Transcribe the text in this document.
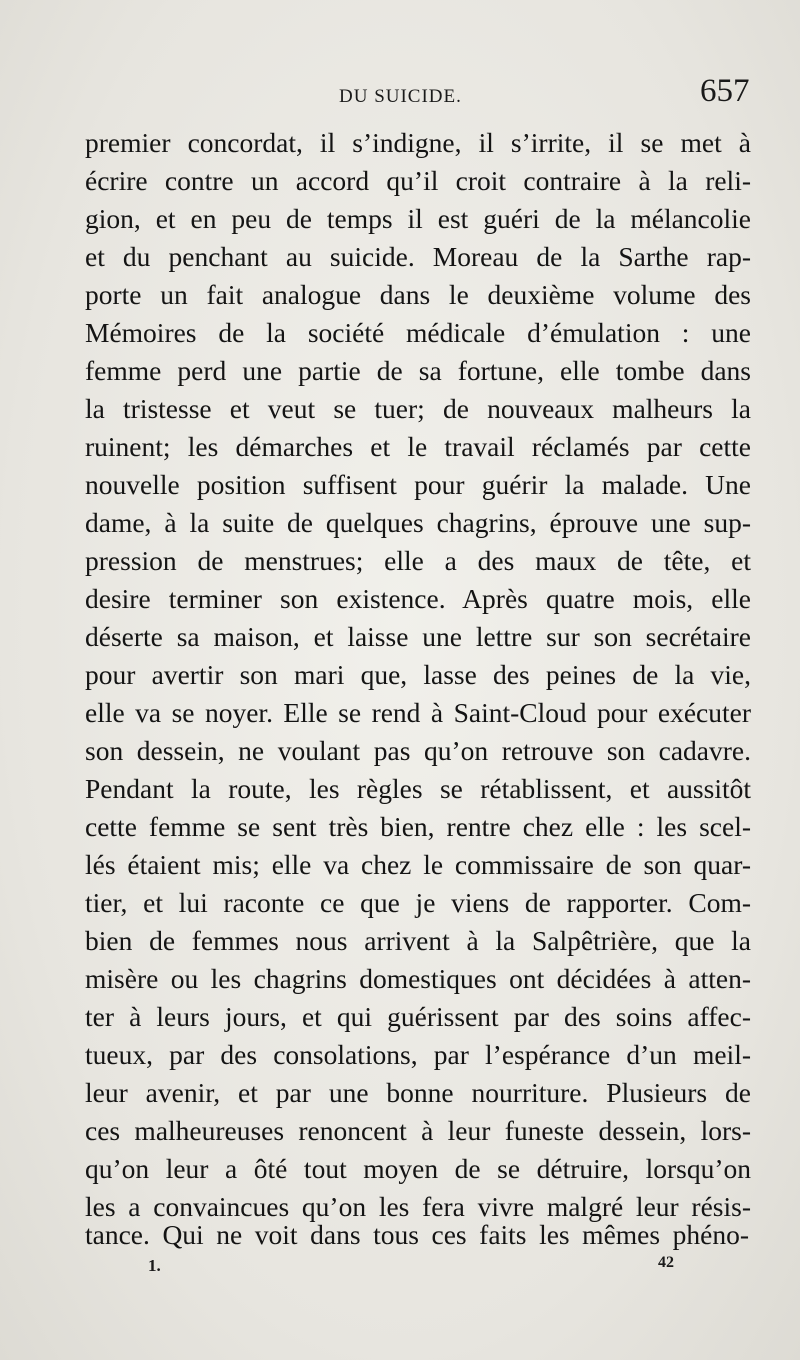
DU SUICIDE.	657
premier concordat, il s’indigne, il s’irrite, il se met à
écrire contre un accord qu’il croit contraire à la reli-
gion, et en peu de temps il est guéri de la mélancolie
et du penchant au suicide. Moreau de la Sarthe rap-
porte un fait analogue dans le deuxième volume des
Mémoires de la société médicale d’émulation : une
femme perd une partie de sa fortune, elle tombe dans
la tristesse et veut se tuer; de nouveaux malheurs la
ruinent; les démarches et le travail réclamés par cette
nouvelle position suffisent pour guérir la malade. Une
dame, à la suite de quelques chagrins, éprouve une sup-
pression de menstrues; elle a des maux de tête, et
desire terminer son existence. Après quatre mois, elle
déserte sa maison, et laisse une lettre sur son secrétaire
pour avertir son mari que, lasse des peines de la vie,
elle va se noyer. Elle se rend à Saint-Cloud pour exécuter
son dessein, ne voulant pas qu’on retrouve son cadavre.
Pendant la route, les règles se rétablissent, et aussitôt
cette femme se sent très bien, rentre chez elle : les scel-
lés étaient mis; elle va chez le commissaire de son quar-
tier, et lui raconte ce que je viens de rapporter. Com-
bien de femmes nous arrivent à la Salpêtrière, que la
misère ou les chagrins domestiques ont décidées à atten-
ter à leurs jours, et qui guérissent par des soins affec-
tueux, par des consolations, par l’espérance d’un meil-
leur avenir, et par une bonne nourriture. Plusieurs de
ces malheureuses renoncent à leur funeste dessein, lors-
qu’on leur a ôté tout moyen de se détruire, lorsqu’on
les a convaincues qu’on les fera vivre malgré leur résis-
tance. Qui ne voit dans tous ces faits les mêmes phéno-
1.	42
